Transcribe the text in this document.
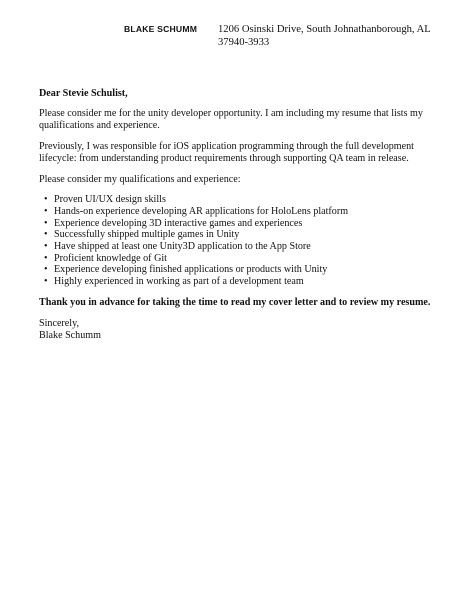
BLAKE SCHUMM 1206 Osinski Drive, South Johnathanborough, AL
37940-3933

Dear Stevie Schulist,

Please consider me for the unity developer opportunity. I am including my resume that lists my qualifications and experience.

Previously, I was responsible for iOS application programming through the full development lifecycle: from understanding product requirements through supporting QA team in release.

Please consider my qualifications and experience:

• Proven UI/UX design skills
• Hands-on experience developing AR applications for HoloLens platform
• Experience developing 3D interactive games and experiences
• Successfully shipped multiple games in Unity
• Have shipped at least one Unity3D application to the App Store
• Proficient knowledge of Git
• Experience developing finished applications or products with Unity
• Highly experienced in working as part of a development team

Thank you in advance for taking the time to read my cover letter and to review my resume.

Sincerely,
Blake Schumm
